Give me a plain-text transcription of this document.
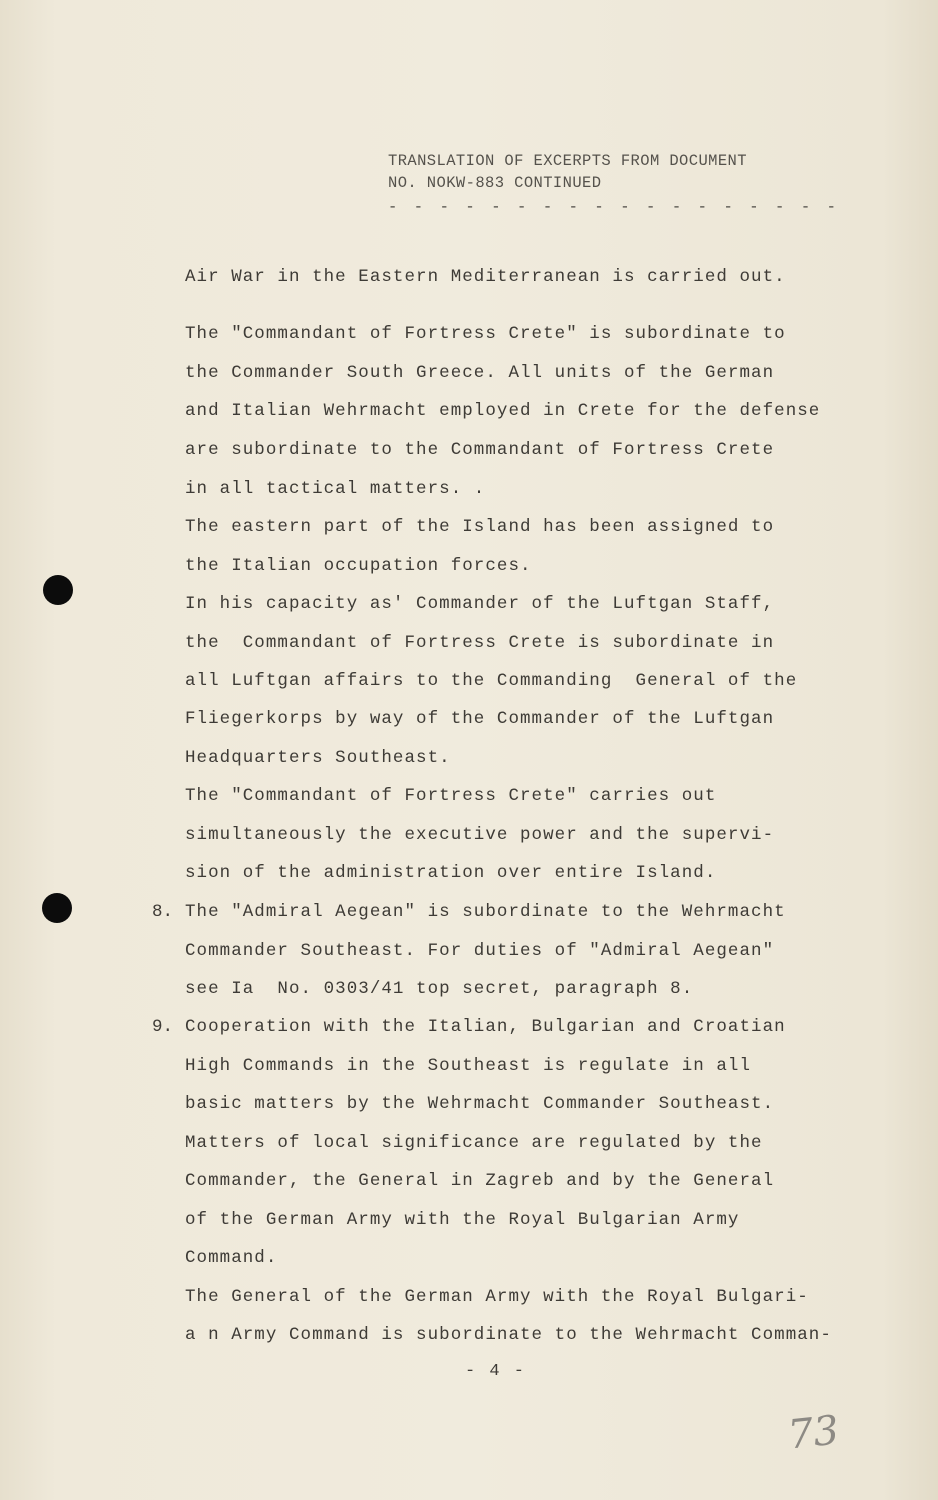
TRANSLATION OF EXCERPTS FROM DOCUMENT
NO. NOKW-883 CONTINUED
- - - - - - - - - - - - - - - - - -
Air War in the Eastern Mediterranean is carried out.
The "Commandant of Fortress Crete" is subordinate to
the Commander South Greece. All units of the German
and Italian Wehrmacht employed in Crete for the defense
are subordinate to the Commandant of Fortress Crete
in all tactical matters. .
The eastern part of the Island has been assigned to
the Italian occupation forces.
In his capacity as' Commander of the Luftgan Staff,
the  Commandant of Fortress Crete is subordinate in
all Luftgan affairs to the Commanding  General of the
Fliegerkorps by way of the Commander of the Luftgan
Headquarters Southeast.
The "Commandant of Fortress Crete" carries out
simultaneously the executive power and the supervi-
sion of the administration over entire Island.
8. The "Admiral Aegean" is subordinate to the Wehrmacht
Commander Southeast. For duties of "Admiral Aegean"
see Ia  No. 0303/41 top secret, paragraph 8.
9. Cooperation with the Italian, Bulgarian and Croatian
High Commands in the Southeast is regulate in all
basic matters by the Wehrmacht Commander Southeast.
Matters of local significance are regulated by the
Commander, the General in Zagreb and by the General
of the German Army with the Royal Bulgarian Army
Command.
The General of the German Army with the Royal Bulgari-
a n Army Command is subordinate to the Wehrmacht Comman-
- 4 -
73
